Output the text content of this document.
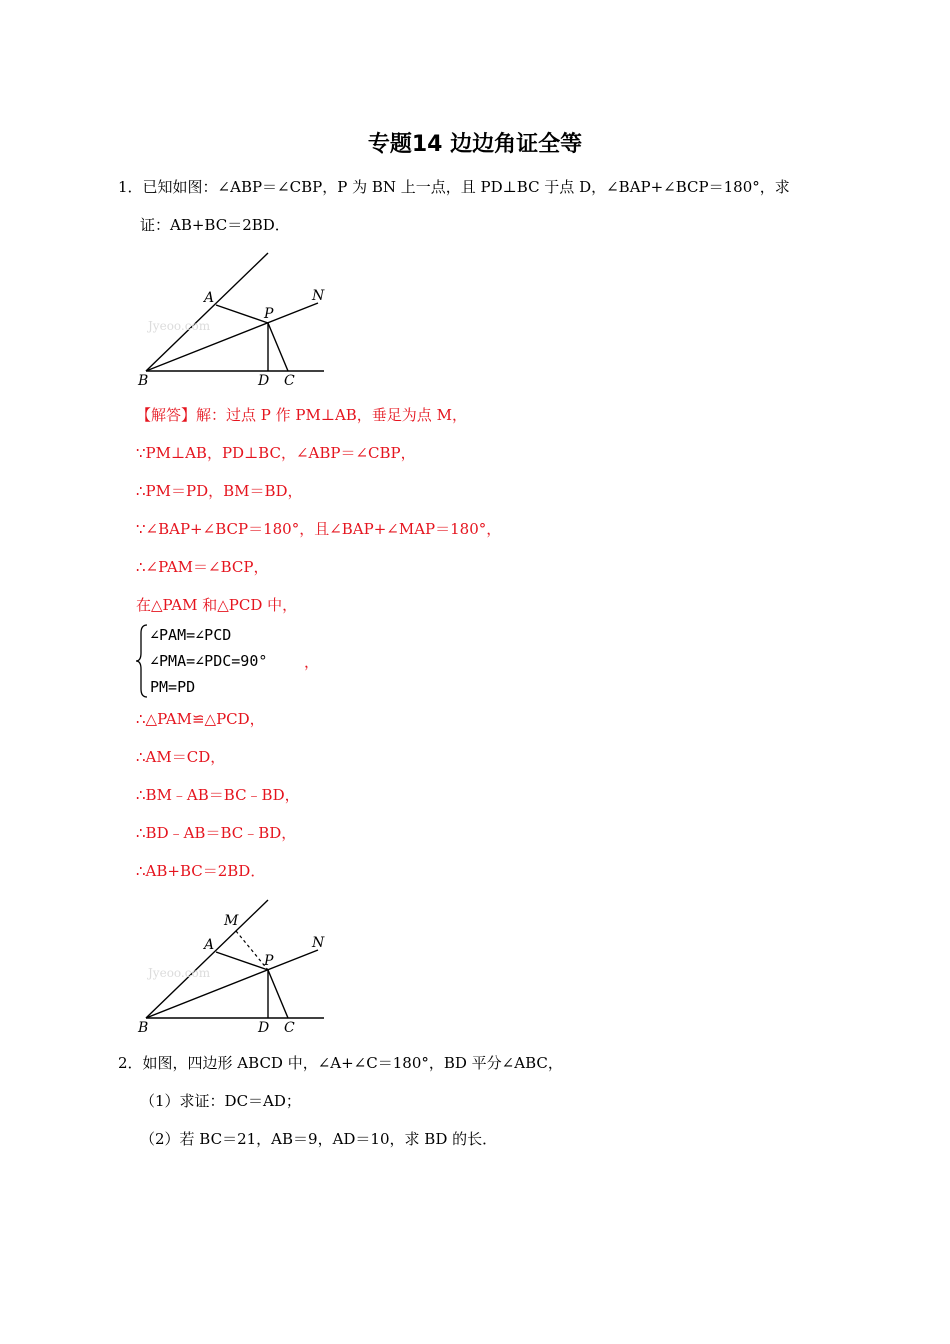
专题14 边边角证全等
1．已知如图：∠ABP＝∠CBP，P 为 BN 上一点，且 PD⊥BC 于点 D，∠BAP+∠BCP＝180°，求
证：AB+BC＝2BD．
Jyeoo.com
A
P
N
B	D C
【解答】解：过点 P 作 PM⊥AB，垂足为点 M，
∵PM⊥AB，PD⊥BC，∠ABP＝∠CBP，
∴PM＝PD，BM＝BD，
∵∠BAP+∠BCP＝180°，且∠BAP+∠MAP＝180°，
∴∠PAM＝∠BCP，
在△PAM 和△PCD 中，
∠PAM=∠PCD
∠PMA=∠PDC=90°
PM=PD
，
∴△PAM≌△PCD，
∴AM＝CD，
∴BM﹣AB＝BC﹣BD，
∴BD﹣AB＝BC﹣BD，
∴AB+BC＝2BD．
Jyeoo.com
M
A
P
N
B	D C
2．如图，四边形 ABCD 中，∠A+∠C＝180°，BD 平分∠ABC，
（1）求证：DC＝AD；
（2）若 BC＝21，AB＝9，AD＝10，求 BD 的长．
